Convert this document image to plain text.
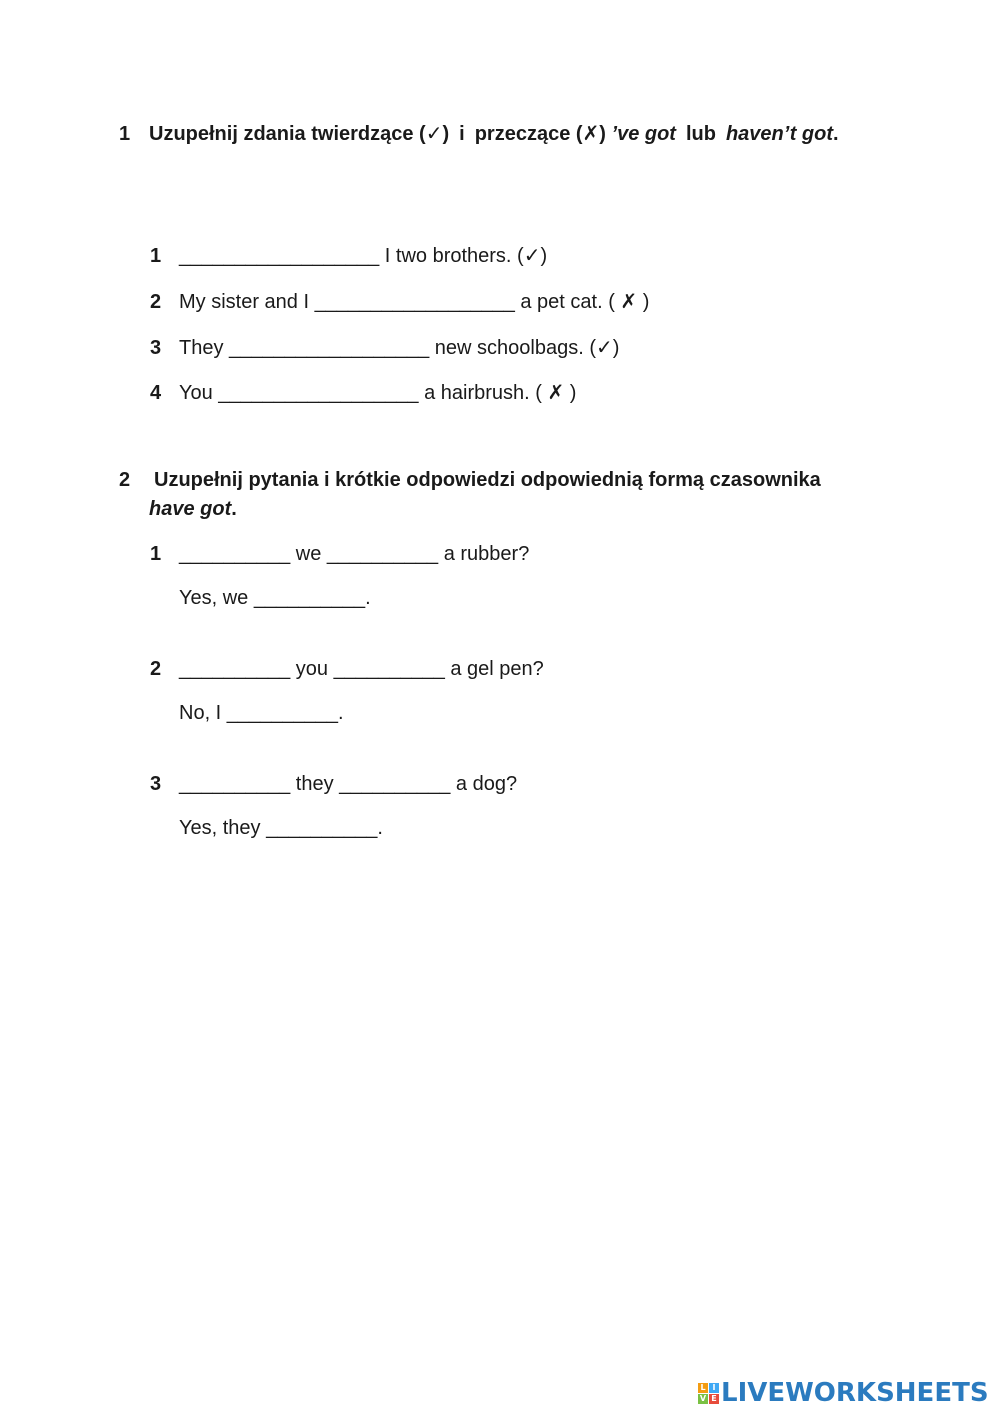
1 Uzupełnij zdania twierdzące (✓) i przeczące (✗) ’ve got lub haven’t got.
1 __________________ I two brothers. (✓)
2 My sister and I __________________ a pet cat. ( ✗ )
3 They __________________ new schoolbags. (✓)
4 You __________________ a hairbrush. ( ✗ )
2 Uzupełnij pytania i krótkie odpowiedzi odpowiednią formą czasownika
have got.
1 __________ we __________ a rubber?
Yes, we __________.
2 __________ you __________ a gel pen?
No, I __________.
3 __________ they __________ a dog?
Yes, they __________.
L I
V E LIVEWORKSHEETS
